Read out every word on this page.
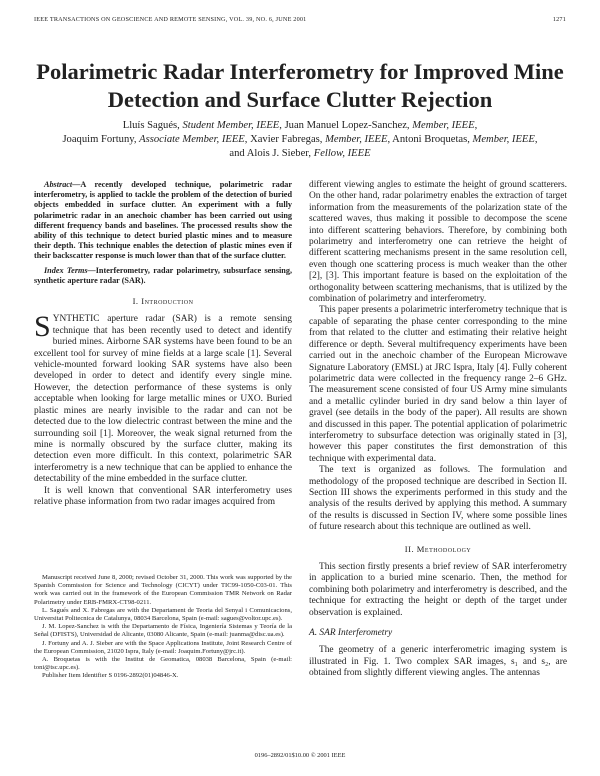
IEEE TRANSACTIONS ON GEOSCIENCE AND REMOTE SENSING, VOL. 39, NO. 6, JUNE 2001	1271
Polarimetric Radar Interferometry for Improved Mine
Detection and Surface Clutter Rejection
Lluís Sagués, Student Member, IEEE, Juan Manuel Lopez-Sanchez, Member, IEEE,
Joaquim Fortuny, Associate Member, IEEE, Xavier Fabregas, Member, IEEE, Antoni Broquetas, Member, IEEE,
and Alois J. Sieber, Fellow, IEEE

Abstract—A recently developed technique, polarimetric radar interferometry, is applied to tackle the problem of the detection of buried objects embedded in surface clutter. An experiment with a fully polarimetric radar in an anechoic chamber has been carried out using different frequency bands and baselines. The processed results show the ability of this technique to detect buried plastic mines and to measure their depth. This technique enables the detection of plastic mines even if their backscatter response is much lower than that of the surface clutter.

Index Terms—Interferometry, radar polarimetry, subsurface sensing, synthetic aperture radar (SAR).

I. Introduction

SYNTHETIC aperture radar (SAR) is a remote sensing technique that has been recently used to detect and identify buried mines. Airborne SAR systems have been found to be an excellent tool for survey of mine fields at a large scale [1]. Several vehicle-mounted forward looking SAR systems have also been developed in order to detect and identify every single mine. However, the detection performance of these systems is only acceptable when looking for large metallic mines or UXO. Buried plastic mines are nearly invisible to the radar and can not be detected due to the low dielectric contrast between the mine and the surrounding soil [1]. Moreover, the weak signal returned from the mine is normally obscured by the surface clutter, making its detection even more difficult. In this context, polarimetric SAR interferometry is a new technique that can be applied to enhance the detectability of the mine embedded in the surface clutter.

It is well known that conventional SAR interferometry uses relative phase information from two radar images acquired from

Manuscript received June 8, 2000; revised October 31, 2000. This work was supported by the Spanish Commission for Science and Technology (CICYT) under TIC99-1050-C03-01. This work was carried out in the framework of the European Commission TMR Network on Radar Polarimetry under ERB-FMRX-CT98-0211.

L. Sagués and X. Fabregas are with the Departament de Teoria del Senyal i Comunicacions, Universitat Politecnica de Catalunya, 08034 Barcelona, Spain (e-mail: sagues@voltor.upc.es).

J. M. Lopez-Sanchez is with the Departamento de Física, Ingeniería Sistemas y Teoría de la Señal (DFISTS), Universidad de Alicante, 03080 Alicante, Spain (e-mail: juanma@disc.ua.es).

J. Fortuny and A. J. Sieber are with the Space Applications Institute, Joint Research Centre of the European Commission, 21020 Ispra, Italy (e-mail: Joaquim.Fortuny@jrc.it).

A. Broquetas is with the Institut de Geomatica, 08038 Barcelona, Spain (e-mail: toni@tsc.upc.es).

Publisher Item Identifier S 0196-2892(01)04846-X.

different viewing angles to estimate the height of ground scatterers. On the other hand, radar polarimetry enables the extraction of target information from the measurements of the polarization state of the scattered waves, thus making it possible to decompose the scene into different scattering behaviors. Therefore, by combining both polarimetry and interferometry one can retrieve the height of different scattering mechanisms present in the same resolution cell, even though one scattering process is much weaker than the other [2], [3]. This important feature is based on the exploitation of the orthogonality between scattering mechanisms, that is utilized by the combination of polarimetry and interferometry.

This paper presents a polarimetric interferometry technique that is capable of separating the phase center corresponding to the mine from that related to the clutter and estimating their relative height difference or depth. Several multifrequency experiments have been carried out in the anechoic chamber of the European Microwave Signature Laboratory (EMSL) at JRC Ispra, Italy [4]. Fully coherent polarimetric data were collected in the frequency range 2–6 GHz. The measurement scene consisted of four US Army mine simulants and a metallic cylinder buried in dry sand below a thin layer of gravel (see details in the body of the paper). All results are shown and discussed in this paper. The potential application of polarimetric interferometry to subsurface detection was originally stated in [3], however this paper constitutes the first demonstration of this technique with experimental data.

The text is organized as follows. The formulation and methodology of the proposed technique are described in Section II. Section III shows the experiments performed in this study and the analysis of the results derived by applying this method. A summary of the results is discussed in Section IV, where some possible lines of future research about this technique are outlined as well.

II. Methodology

This section firstly presents a brief review of SAR interferometry in application to a buried mine scenario. Then, the method for combining both polarimetry and interferometry is described, and the technique for extracting the height or depth of the target under observation is explained.

A. SAR Interferometry

The geometry of a generic interferometric imaging system is illustrated in Fig. 1. Two complex SAR images, s₁ and s₂, are obtained from slightly different viewing angles. The antennas

0196–2892/01$10.00 © 2001 IEEE
